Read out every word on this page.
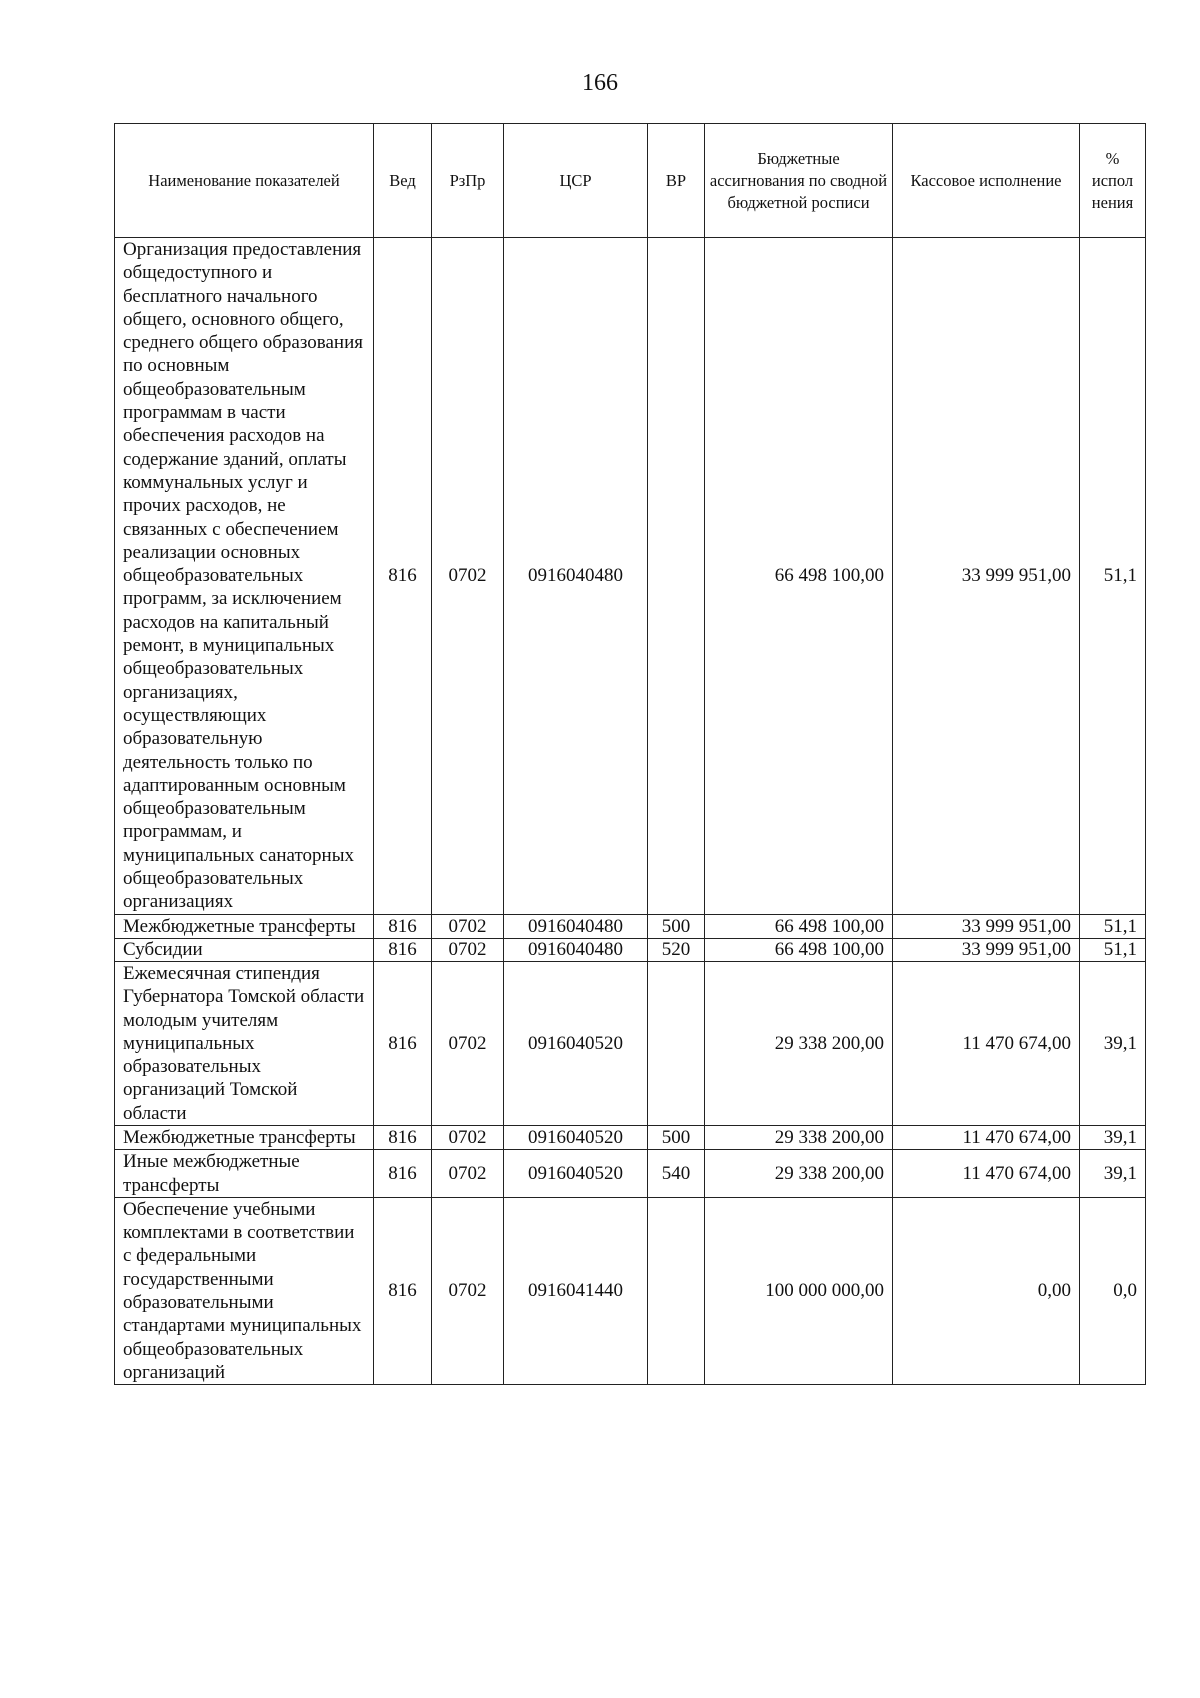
166
Наименование показателей	Вед	РзПр	ЦСР	ВР	Бюджетные ассигнования по сводной бюджетной росписи	Кассовое исполнение	% испол нения
Организация предоставления общедоступного и бесплатного начального общего, основного общего, среднего общего образования по основным общеобразовательным программам в части обеспечения расходов на содержание зданий, оплаты коммунальных услуг и прочих расходов, не связанных с обеспечением реализации основных общеобразовательных программ, за исключением расходов на капитальный ремонт, в муниципальных общеобразовательных организациях, осуществляющих образовательную деятельность только по адаптированным основным общеобразовательным программам, и муниципальных санаторных общеобразовательных организациях	816	0702	0916040480		66 498 100,00	33 999 951,00	51,1
Межбюджетные трансферты	816	0702	0916040480	500	66 498 100,00	33 999 951,00	51,1
Субсидии	816	0702	0916040480	520	66 498 100,00	33 999 951,00	51,1
Ежемесячная стипендия Губернатора Томской области молодым учителям муниципальных образовательных организаций Томской области	816	0702	0916040520		29 338 200,00	11 470 674,00	39,1
Межбюджетные трансферты	816	0702	0916040520	500	29 338 200,00	11 470 674,00	39,1
Иные межбюджетные трансферты	816	0702	0916040520	540	29 338 200,00	11 470 674,00	39,1
Обеспечение учебными комплектами в соответствии с федеральными государственными образовательными стандартами муниципальных общеобразовательных организаций	816	0702	0916041440		100 000 000,00	0,00	0,0
